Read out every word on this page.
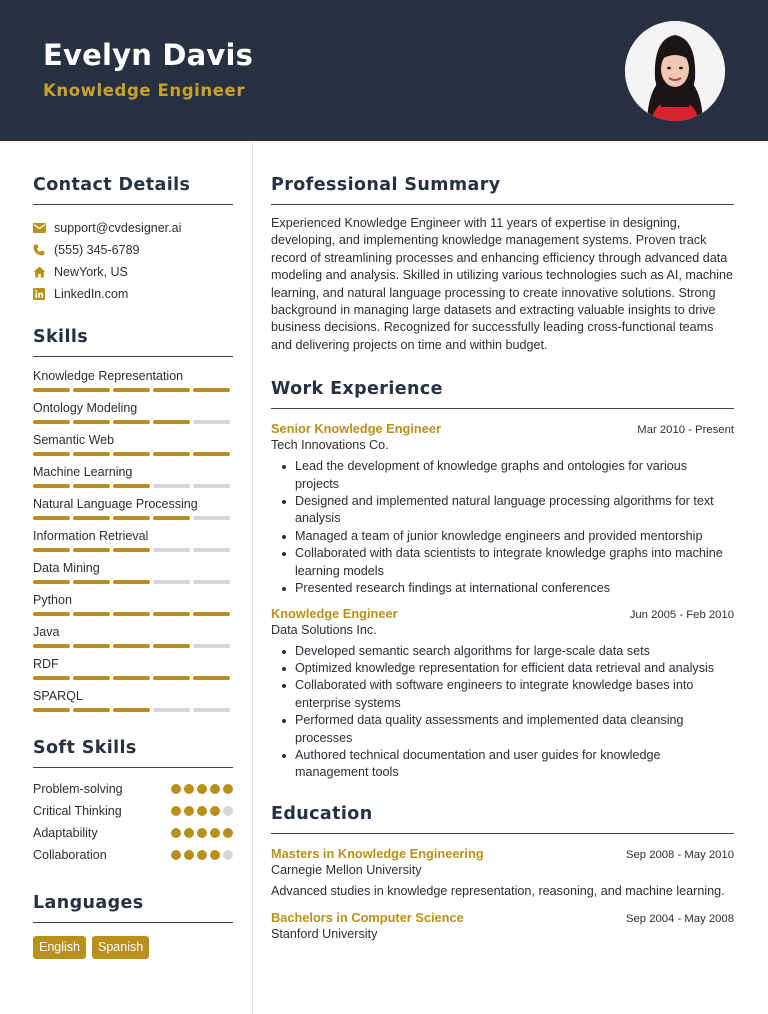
Evelyn Davis
Knowledge Engineer
Contact Details
support@cvdesigner.ai
(555) 345-6789
NewYork, US
LinkedIn.com
Skills
Knowledge Representation
Ontology Modeling
Semantic Web
Machine Learning
Natural Language Processing
Information Retrieval
Data Mining
Python
Java
RDF
SPARQL
Soft Skills
Problem-solving
Critical Thinking
Adaptability
Collaboration
Languages
English	Spanish
Professional Summary
Experienced Knowledge Engineer with 11 years of expertise in designing, developing, and implementing knowledge management systems. Proven track record of streamlining processes and enhancing efficiency through advanced data modeling and analysis. Skilled in utilizing various technologies such as AI, machine learning, and natural language processing to create innovative solutions. Strong background in managing large datasets and extracting valuable insights to drive business decisions. Recognized for successfully leading cross-functional teams and delivering projects on time and within budget.
Work Experience
Senior Knowledge Engineer	Mar 2010 - Present
Tech Innovations Co.
Lead the development of knowledge graphs and ontologies for various projects
Designed and implemented natural language processing algorithms for text analysis
Managed a team of junior knowledge engineers and provided mentorship
Collaborated with data scientists to integrate knowledge graphs into machine learning models
Presented research findings at international conferences
Knowledge Engineer	Jun 2005 - Feb 2010
Data Solutions Inc.
Developed semantic search algorithms for large-scale data sets
Optimized knowledge representation for efficient data retrieval and analysis
Collaborated with software engineers to integrate knowledge bases into enterprise systems
Performed data quality assessments and implemented data cleansing processes
Authored technical documentation and user guides for knowledge management tools
Education
Masters in Knowledge Engineering	Sep 2008 - May 2010
Carnegie Mellon University
Advanced studies in knowledge representation, reasoning, and machine learning.
Bachelors in Computer Science	Sep 2004 - May 2008
Stanford University
